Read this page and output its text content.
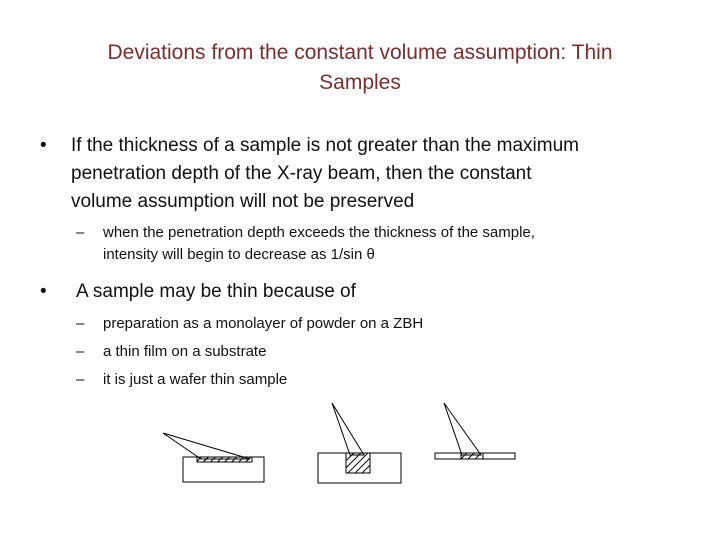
Deviations from the constant volume assumption: Thin
Samples
• If the thickness of a sample is not greater than the maximum
penetration depth of the X-ray beam, then the constant
volume assumption will not be preserved
– when the penetration depth exceeds the thickness of the sample,
intensity will begin to decrease as 1/sin θ
• A sample may be thin because of
– preparation as a monolayer of powder on a ZBH
– a thin film on a substrate
– it is just a wafer thin sample
